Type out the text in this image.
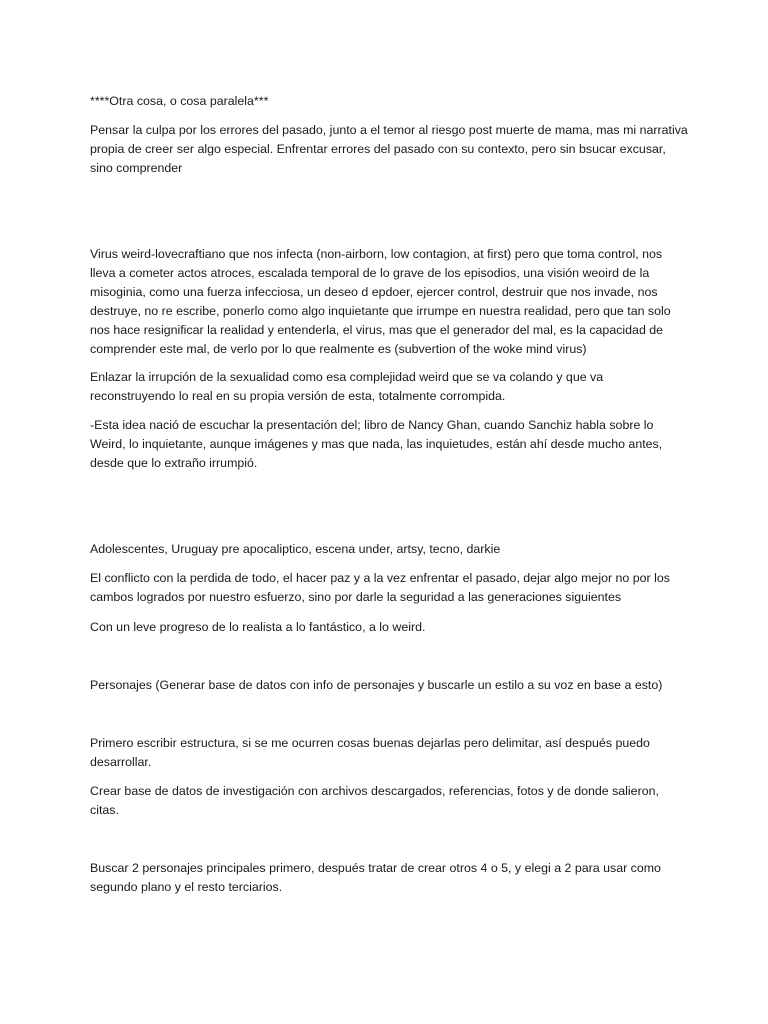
****Otra cosa, o cosa paralela***

Pensar la culpa por los errores del pasado, junto a el temor al riesgo post muerte de mama, mas mi narrativa propia de creer ser algo especial. Enfrentar errores del pasado con su contexto, pero sin bsucar excusar, sino comprender

Virus weird-lovecraftiano que nos infecta (non-airborn, low contagion, at first) pero que toma control, nos lleva a cometer actos atroces, escalada temporal de lo grave de los episodios, una visión weoird de la misoginia, como una fuerza infecciosa, un deseo d epdoer, ejercer control, destruir que nos invade, nos destruye, no re escribe, ponerlo como algo inquietante que irrumpe en nuestra realidad, pero que tan solo nos hace resignificar la realidad y entenderla, el virus, mas que el generador del mal, es la capacidad de comprender este mal, de verlo por lo que realmente es (subvertion of the woke mind virus)

Enlazar la irrupción de la sexualidad como esa complejidad weird que se va colando y que va reconstruyendo lo real en su propia versión de esta, totalmente corrompida.

-Esta idea nació de escuchar la presentación del; libro de Nancy Ghan, cuando Sanchiz habla sobre lo Weird, lo inquietante, aunque imágenes y mas que nada, las inquietudes, están ahí desde mucho antes, desde que lo extraño irrumpió.

Adolescentes, Uruguay pre apocaliptico, escena under, artsy, tecno, darkie

El conflicto con la perdida de todo, el hacer paz y a la vez enfrentar el pasado, dejar algo mejor no por los cambos logrados por nuestro esfuerzo, sino por darle la seguridad a las generaciones siguientes

Con un leve progreso de lo realista a lo fantástico, a lo weird.

Personajes (Generar base de datos con info de personajes y buscarle un estilo a su voz en base a esto)

Primero escribir estructura, si se me ocurren cosas buenas dejarlas pero delimitar, así después puedo desarrollar.

Crear base de datos de investigación con archivos descargados, referencias, fotos y de donde salieron, citas.

Buscar 2 personajes principales primero, después tratar de crear otros 4 o 5, y elegi a 2 para usar como segundo plano y el resto terciarios.
